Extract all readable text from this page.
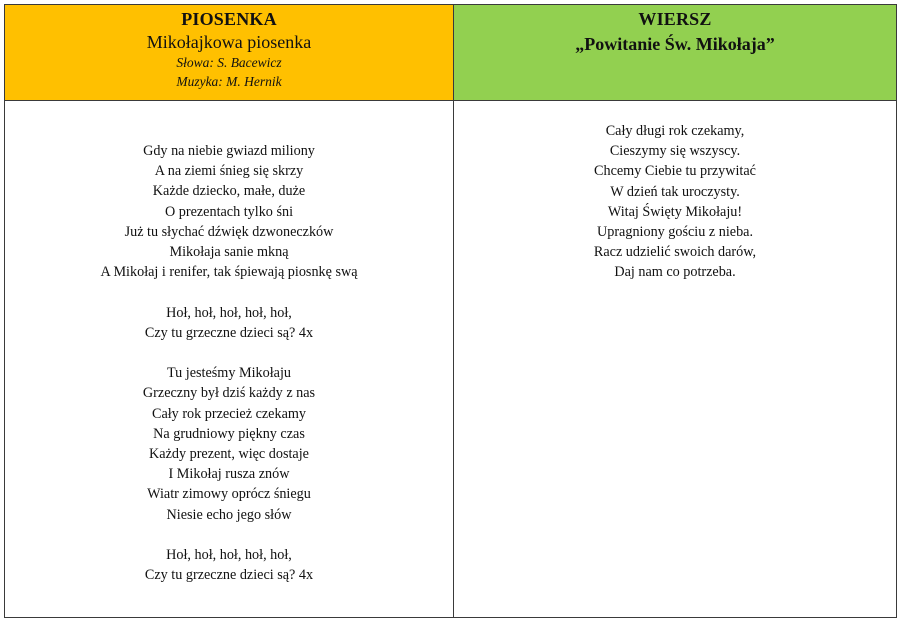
PIOSENKA
Mikołajkowa piosenka
Słowa: S. Bacewicz
Muzyka: M. Hernik
WIERSZ
„Powitanie Św. Mikołaja”
Gdy na niebie gwiazd miliony
A na ziemi śnieg się skrzy
Każde dziecko, małe, duże
O prezentach tylko śni
Już tu słychać dźwięk dzwoneczków
Mikołaja sanie mkną
A Mikołaj i renifer, tak śpiewają piosnkę swą
Hoł, hoł, hoł, hoł, hoł,
Czy tu grzeczne dzieci są? 4x
Tu jesteśmy Mikołaju
Grzeczny był dziś każdy z nas
Cały rok przecież czekamy
Na grudniowy piękny czas
Każdy prezent, więc dostaje
I Mikołaj rusza znów
Wiatr zimowy oprócz śniegu
Niesie echo jego słów
Hoł, hoł, hoł, hoł, hoł,
Czy tu grzeczne dzieci są? 4x
Cały długi rok czekamy,
Cieszymy się wszyscy.
Chcemy Ciebie tu przywitać
W dzień tak uroczysty.
Witaj Święty Mikołaju!
Upragniony gościu z nieba.
Racz udzielić swoich darów,
Daj nam co potrzeba.
